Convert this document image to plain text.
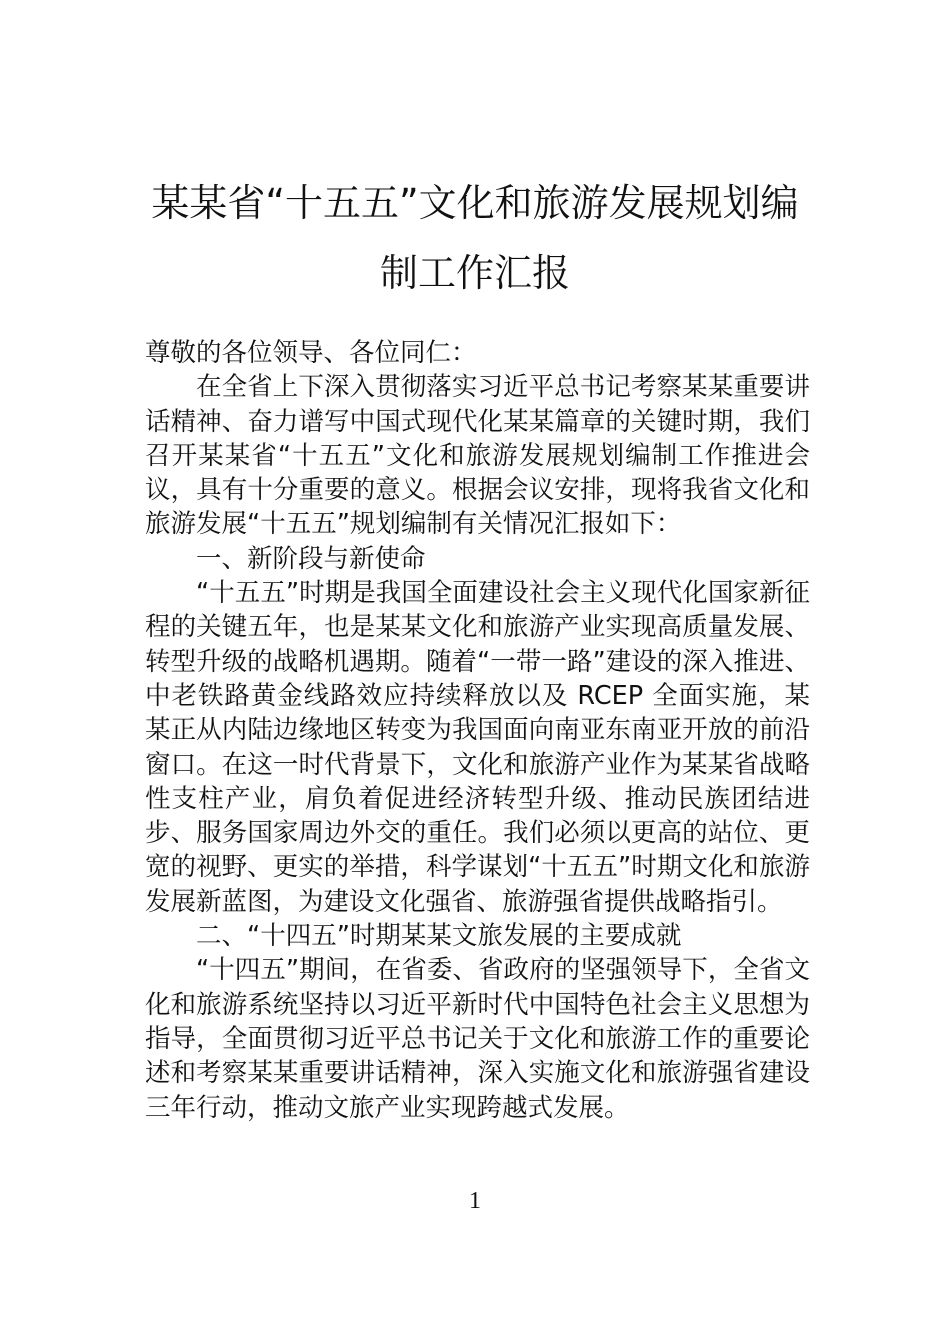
某某省“十五五”文化和旅游发展规划编
制工作汇报

尊敬的各位领导、各位同仁：

在全省上下深入贯彻落实习近平总书记考察某某重要讲话精神、奋力谱写中国式现代化某某篇章的关键时期，我们召开某某省“十五五”文化和旅游发展规划编制工作推进会议，具有十分重要的意义。根据会议安排，现将我省文化和旅游发展“十五五”规划编制有关情况汇报如下：

一、新阶段与新使命

“十五五”时期是我国全面建设社会主义现代化国家新征程的关键五年，也是某某文化和旅游产业实现高质量发展、转型升级的战略机遇期。随着“一带一路”建设的深入推进、中老铁路黄金线路效应持续释放以及 RCEP 全面实施，某某正从内陆边缘地区转变为我国面向南亚东南亚开放的前沿窗口。在这一时代背景下，文化和旅游产业作为某某省战略性支柱产业，肩负着促进经济转型升级、推动民族团结进步、服务国家周边外交的重任。我们必须以更高的站位、更宽的视野、更实的举措，科学谋划“十五五”时期文化和旅游发展新蓝图，为建设文化强省、旅游强省提供战略指引。

二、“十四五”时期某某文旅发展的主要成就

“十四五”期间，在省委、省政府的坚强领导下，全省文化和旅游系统坚持以习近平新时代中国特色社会主义思想为指导，全面贯彻习近平总书记关于文化和旅游工作的重要论述和考察某某重要讲话精神，深入实施文化和旅游强省建设三年行动，推动文旅产业实现跨越式发展。

1
